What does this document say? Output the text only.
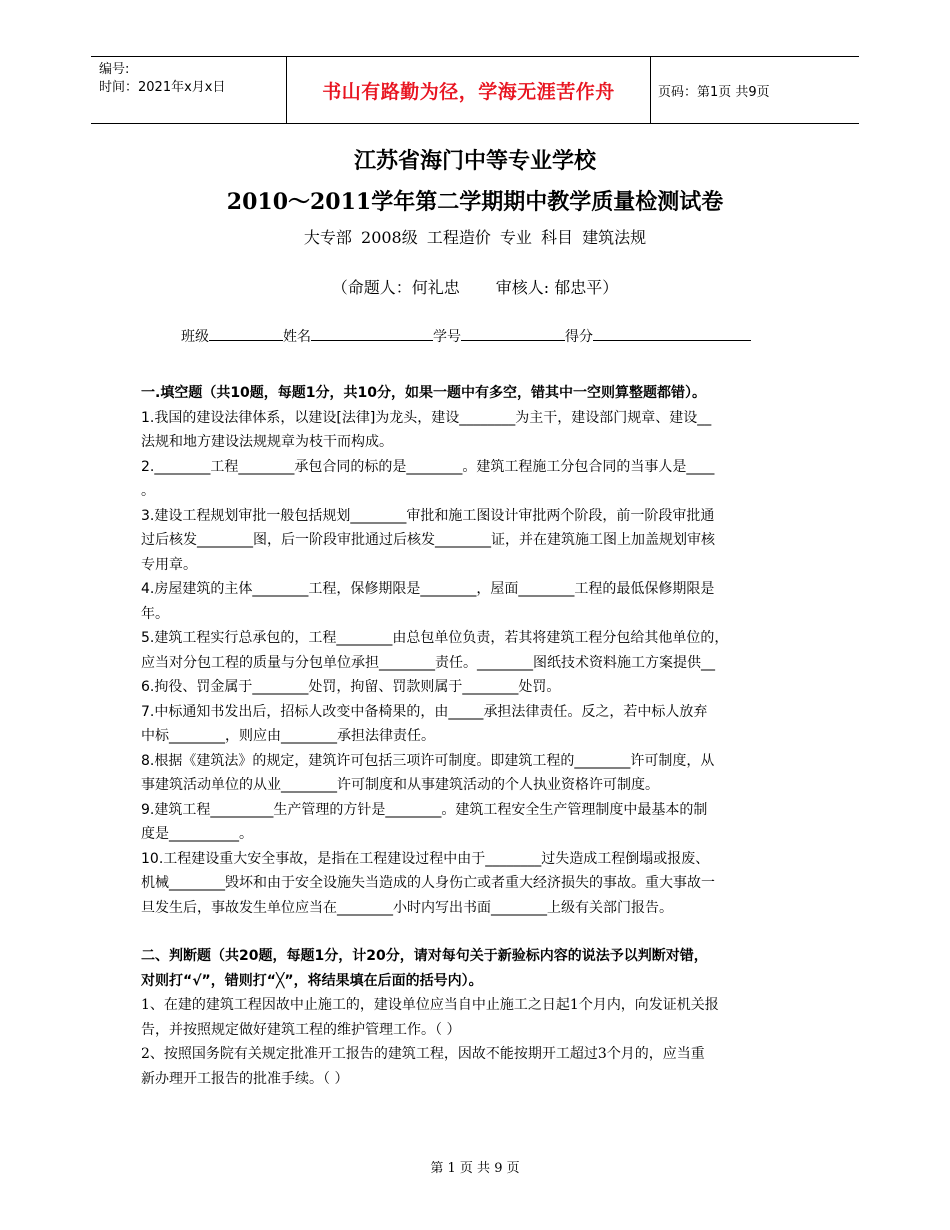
编号:
时间：2021年x月x日	书山有路勤为径，学海无涯苦作舟	页码：第1页 共9页
江苏省海门中等专业学校
2010～2011学年第二学期期中教学质量检测试卷
大专部 2008级 工程造价 专业 科目 建筑法规
（命题人：何礼忠 审核人: 郁忠平）
班级	姓名	学号	得分
一.填空题（共10题，每题1分，共10分，如果一题中有多空，错其中一空则算整题都错）。

1.我国的建设法律体系，以建设[法律]为龙头，建设________为主干，建设部门规章、建设__

法规和地方建设法规规章为枝干而构成。

2.________工程________承包合同的标的是________。建筑工程施工分包合同的当事人是____

。

3.建设工程规划审批一般包括规划________审批和施工图设计审批两个阶段，前一阶段审批通

过后核发________图，后一阶段审批通过后核发________证，并在建筑施工图上加盖规划审核

专用章。

4.房屋建筑的主体________工程，保修期限是________，屋面________工程的最低保修期限是

年。

5.建筑工程实行总承包的，工程________由总包单位负责，若其将建筑工程分包给其他单位的，

应当对分包工程的质量与分包单位承担________责任。________图纸技术资料施工方案提供__

6.拘役、罚金属于________处罚，拘留、罚款则属于________处罚。

7.中标通知书发出后，招标人改变中备椅果的，由_____承担法律责任。反之，若中标人放弃

中标________，则应由________承担法律责任。

8.根据《建筑法》的规定，建筑许可包括三项许可制度。即建筑工程的________许可制度，从

事建筑活动单位的从业________许可制度和从事建筑活动的个人执业资格许可制度。

9.建筑工程_________生产管理的方针是________。建筑工程安全生产管理制度中最基本的制

度是__________。

10.工程建设重大安全事故，是指在工程建设过程中由于________过失造成工程倒塌或报废、

机械________毁坏和由于安全设施失当造成的人身伤亡或者重大经济损失的事故。重大事故一

旦发生后，事故发生单位应当在________小时内写出书面________上级有关部门报告。

二、判断题（共20题，每题1分，计20分，请对每句关于新验标内容的说法予以判断对错，
对则打“√”，错则打“╳”，将结果填在后面的括号内）。

1、在建的建筑工程因故中止施工的，建设单位应当自中止施工之日起1个月内，向发证机关报

告，并按照规定做好建筑工程的维护管理工作。（ ）

2、按照国务院有关规定批准开工报告的建筑工程，因故不能按期开工超过3个月的，应当重

新办理开工报告的批准手续。（ ）

第 1 页 共 9 页
